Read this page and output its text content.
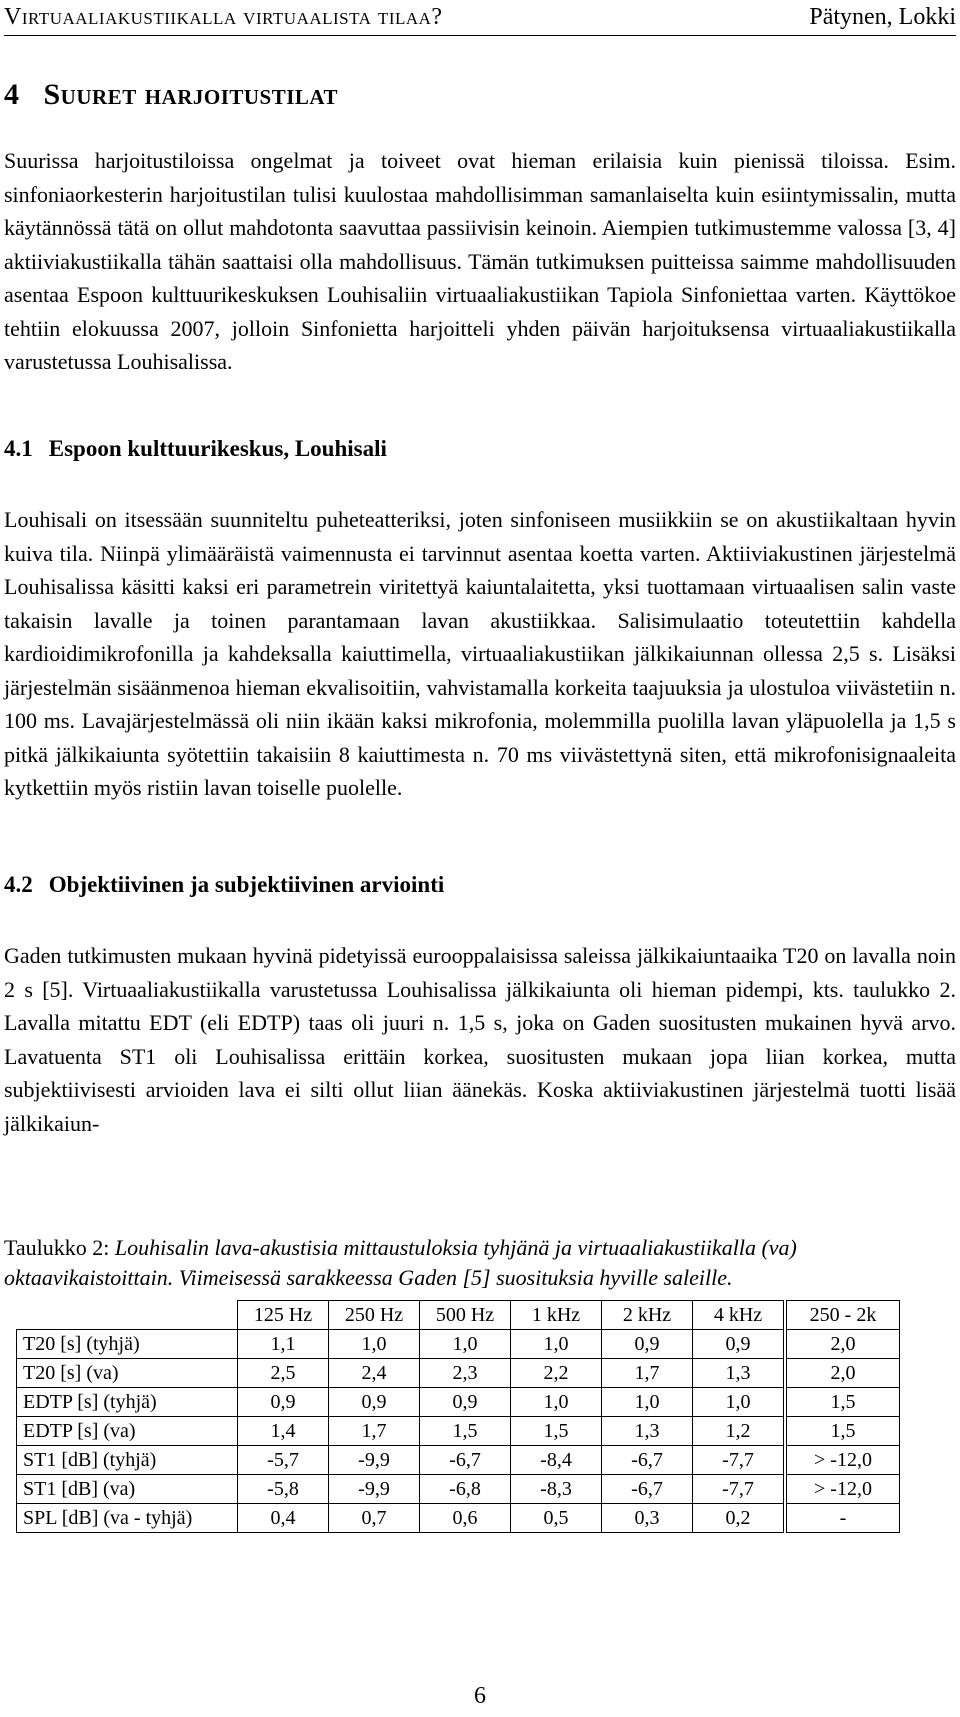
Virtuaaliakustiikalla virtuaalista tilaa?	Pätynen, Lokki
4 Suuret harjoitustilat

Suurissa harjoitustiloissa ongelmat ja toiveet ovat hieman erilaisia kuin pienissä tiloissa. Esim. sinfoniaorkesterin harjoitustilan tulisi kuulostaa mahdollisimman samanlaiselta kuin esiintymissalin, mutta käytännössä tätä on ollut mahdotonta saavuttaa passiivisin keinoin. Aiempien tutkimustemme valossa [3, 4] aktiiviakustiikalla tähän saattaisi olla mahdollisuus. Tämän tutkimuksen puitteissa saimme mahdollisuuden asentaa Espoon kulttuurikeskuksen Louhisaliin virtuaaliakustiikan Tapiola Sinfoniettaa varten. Käyttökoe tehtiin elokuussa 2007, jolloin Sinfonietta harjoitteli yhden päivän harjoituksensa virtuaaliakustiikalla varustetussa Louhisalissa.

4.1 Espoon kulttuurikeskus, Louhisali

Louhisali on itsessään suunniteltu puheteatteriksi, joten sinfoniseen musiikkiin se on akustiikaltaan hyvin kuiva tila. Niinpä ylimääräistä vaimennusta ei tarvinnut asentaa koetta varten. Aktiiviakustinen järjestelmä Louhisalissa käsitti kaksi eri parametrein viritettyä kaiuntalaitetta, yksi tuottamaan virtuaalisen salin vaste takaisin lavalle ja toinen parantamaan lavan akustiikkaa. Salisimulaatio toteutettiin kahdella kardioidimikrofonilla ja kahdeksalla kaiuttimella, virtuaaliakustiikan jälkikaiunnan ollessa 2,5 s. Lisäksi järjestelmän sisäänmenoa hieman ekvalisoitiin, vahvistamalla korkeita taajuuksia ja ulostuloa viivästetiin n. 100 ms. Lavajärjestelmässä oli niin ikään kaksi mikrofonia, molemmilla puolilla lavan yläpuolella ja 1,5 s pitkä jälkikaiunta syötettiin takaisiin 8 kaiuttimesta n. 70 ms viivästettynä siten, että mikrofonisignaaleita kytkettiin myös ristiin lavan toiselle puolelle.

4.2 Objektiivinen ja subjektiivinen arviointi

Gaden tutkimusten mukaan hyvinä pidetyissä eurooppalaisissa saleissa jälkikaiuntaaika T20 on lavalla noin 2 s [5]. Virtuaaliakustiikalla varustetussa Louhisalissa jälkikaiunta oli hieman pidempi, kts. taulukko 2. Lavalla mitattu EDT (eli EDTP) taas oli juuri n. 1,5 s, joka on Gaden suositusten mukainen hyvä arvo. Lavatuenta ST1 oli Louhisalissa erittäin korkea, suositusten mukaan jopa liian korkea, mutta subjektiivisesti arvioiden lava ei silti ollut liian äänekäs. Koska aktiiviakustinen järjestelmä tuotti lisää jälkikaiun-

Taulukko 2: Louhisalin lava-akustisia mittaustuloksia tyhjänä ja virtuaaliakustiikalla (va) oktaavikaistoittain. Viimeisessä sarakkeessa Gaden [5] suosituksia hyville saleille.

	125 Hz	250 Hz	500 Hz	1 kHz	2 kHz	4 kHz	250 - 2k
T20 [s] (tyhjä)	1,1	1,0	1,0	1,0	0,9	0,9	2,0
T20 [s] (va)	2,5	2,4	2,3	2,2	1,7	1,3	2,0
EDTP [s] (tyhjä)	0,9	0,9	0,9	1,0	1,0	1,0	1,5
EDTP [s] (va)	1,4	1,7	1,5	1,5	1,3	1,2	1,5
ST1 [dB] (tyhjä)	-5,7	-9,9	-6,7	-8,4	-6,7	-7,7	> -12,0
ST1 [dB] (va)	-5,8	-9,9	-6,8	-8,3	-6,7	-7,7	> -12,0
SPL [dB] (va - tyhjä)	0,4	0,7	0,6	0,5	0,3	0,2	-
6
